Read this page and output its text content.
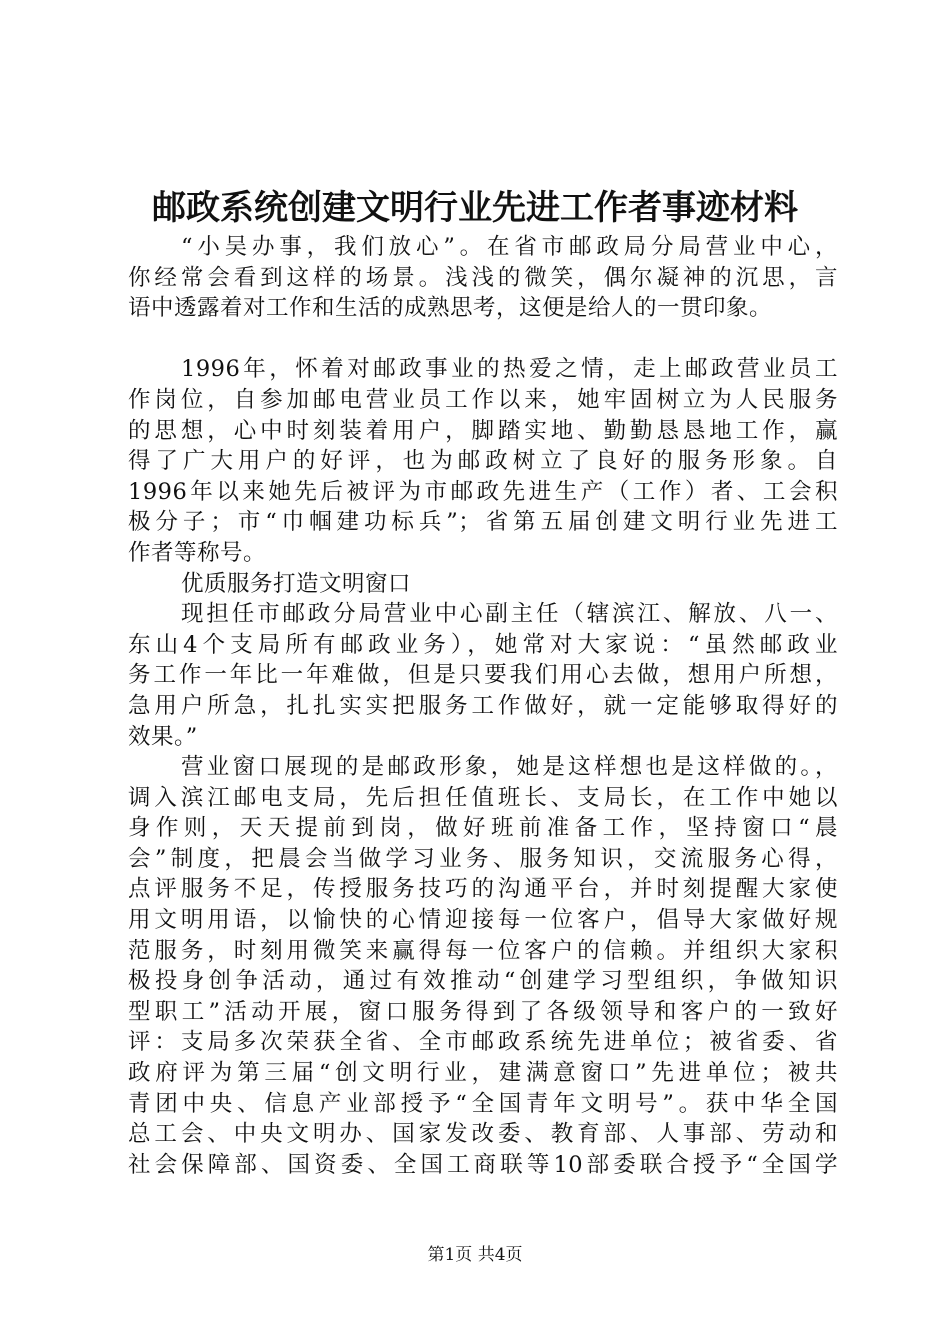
邮政系统创建文明行业先进工作者事迹材料
“小吴办事，我们放心”。在省市邮政局分局营业中心，
你经常会看到这样的场景。浅浅的微笑，偶尔凝神的沉思，言
语中透露着对工作和生活的成熟思考，这便是给人的一贯印象。
1996年，怀着对邮政事业的热爱之情，走上邮政营业员工
作岗位，自参加邮电营业员工作以来，她牢固树立为人民服务
的思想，心中时刻装着用户，脚踏实地、勤勤恳恳地工作，赢
得了广大用户的好评，也为邮政树立了良好的服务形象。自
1996年以来她先后被评为市邮政先进生产（工作）者、工会积
极分子；市“巾帼建功标兵”；省第五届创建文明行业先进工
作者等称号。
优质服务打造文明窗口
现担任市邮政分局营业中心副主任（辖滨江、解放、八一、
东山4个支局所有邮政业务），她常对大家说：“虽然邮政业
务工作一年比一年难做，但是只要我们用心去做，想用户所想，
急用户所急，扎扎实实把服务工作做好，就一定能够取得好的
效果。”
营业窗口展现的是邮政形象，她是这样想也是这样做的。，
调入滨江邮电支局，先后担任值班长、支局长，在工作中她以
身作则，天天提前到岗，做好班前准备工作，坚持窗口“晨
会”制度，把晨会当做学习业务、服务知识，交流服务心得，
点评服务不足，传授服务技巧的沟通平台，并时刻提醒大家使
用文明用语，以愉快的心情迎接每一位客户，倡导大家做好规
范服务，时刻用微笑来赢得每一位客户的信赖。并组织大家积
极投身创争活动，通过有效推动“创建学习型组织，争做知识
型职工”活动开展，窗口服务得到了各级领导和客户的一致好
评：支局多次荣获全省、全市邮政系统先进单位；被省委、省
政府评为第三届“创文明行业，建满意窗口”先进单位；被共
青团中央、信息产业部授予“全国青年文明号”。获中华全国
总工会、中央文明办、国家发改委、教育部、人事部、劳动和
社会保障部、国资委、全国工商联等10部委联合授予“全国学
第1页 共4页
